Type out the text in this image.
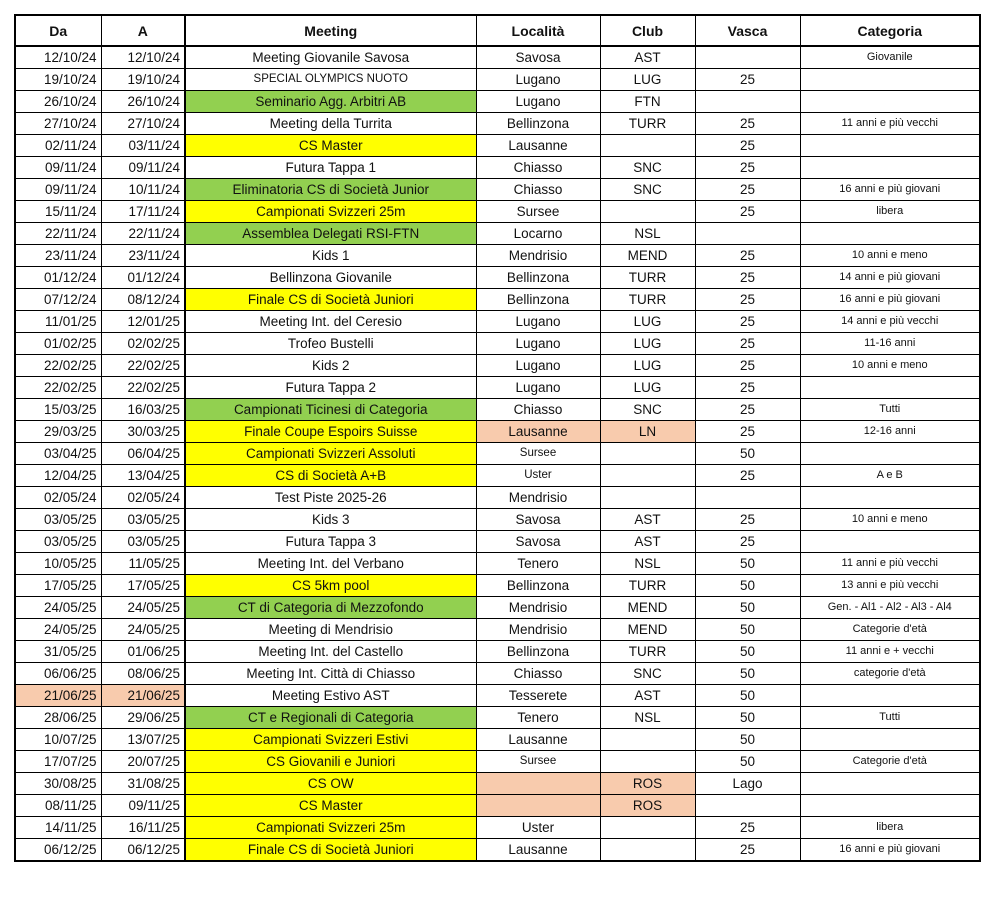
Da	A	Meeting	Località	Club	Vasca	Categoria
12/10/24	12/10/24	Meeting Giovanile Savosa	Savosa	AST		Giovanile
19/10/24	19/10/24	SPECIAL OLYMPICS NUOTO	Lugano	LUG	25	
26/10/24	26/10/24	Seminario Agg. Arbitri AB	Lugano	FTN		
27/10/24	27/10/24	Meeting della Turrita	Bellinzona	TURR	25	11 anni e più vecchi
02/11/24	03/11/24	CS Master	Lausanne		25	
09/11/24	09/11/24	Futura Tappa 1	Chiasso	SNC	25	
09/11/24	10/11/24	Eliminatoria CS di Società Junior	Chiasso	SNC	25	16 anni e più giovani
15/11/24	17/11/24	Campionati Svizzeri 25m	Sursee		25	libera
22/11/24	22/11/24	Assemblea Delegati RSI-FTN	Locarno	NSL		
23/11/24	23/11/24	Kids 1	Mendrisio	MEND	25	10 anni e meno
01/12/24	01/12/24	Bellinzona Giovanile	Bellinzona	TURR	25	14 anni e più giovani
07/12/24	08/12/24	Finale CS di Società Juniori	Bellinzona	TURR	25	16 anni e più giovani
11/01/25	12/01/25	Meeting Int. del Ceresio	Lugano	LUG	25	14 anni e più vecchi
01/02/25	02/02/25	Trofeo Bustelli	Lugano	LUG	25	11-16 anni
22/02/25	22/02/25	Kids 2	Lugano	LUG	25	10 anni e meno
22/02/25	22/02/25	Futura Tappa 2	Lugano	LUG	25	
15/03/25	16/03/25	Campionati Ticinesi di Categoria	Chiasso	SNC	25	Tutti
29/03/25	30/03/25	Finale Coupe Espoirs Suisse	Lausanne	LN	25	12-16 anni
03/04/25	06/04/25	Campionati Svizzeri Assoluti	Sursee		50	
12/04/25	13/04/25	CS di Società A+B	Uster		25	A e B
02/05/24	02/05/24	Test Piste 2025-26	Mendrisio			
03/05/25	03/05/25	Kids 3	Savosa	AST	25	10 anni e meno
03/05/25	03/05/25	Futura Tappa 3	Savosa	AST	25	
10/05/25	11/05/25	Meeting Int. del Verbano	Tenero	NSL	50	11 anni e più vecchi
17/05/25	17/05/25	CS 5km pool	Bellinzona	TURR	50	13 anni e più vecchi
24/05/25	24/05/25	CT di Categoria di Mezzofondo	Mendrisio	MEND	50	Gen. - Al1 - Al2 - Al3 - Al4
24/05/25	24/05/25	Meeting di Mendrisio	Mendrisio	MEND	50	Categorie d'età
31/05/25	01/06/25	Meeting Int. del Castello	Bellinzona	TURR	50	11 anni e + vecchi
06/06/25	08/06/25	Meeting Int. Città di Chiasso	Chiasso	SNC	50	categorie d'età
21/06/25	21/06/25	Meeting Estivo AST	Tesserete	AST	50	
28/06/25	29/06/25	CT e Regionali di Categoria	Tenero	NSL	50	Tutti
10/07/25	13/07/25	Campionati Svizzeri Estivi	Lausanne		50	
17/07/25	20/07/25	CS Giovanili e Juniori	Sursee		50	Categorie d'età
30/08/25	31/08/25	CS OW		ROS	Lago	
08/11/25	09/11/25	CS Master		ROS		
14/11/25	16/11/25	Campionati Svizzeri 25m	Uster		25	libera
06/12/25	06/12/25	Finale CS di Società Juniori	Lausanne		25	16 anni e più giovani
